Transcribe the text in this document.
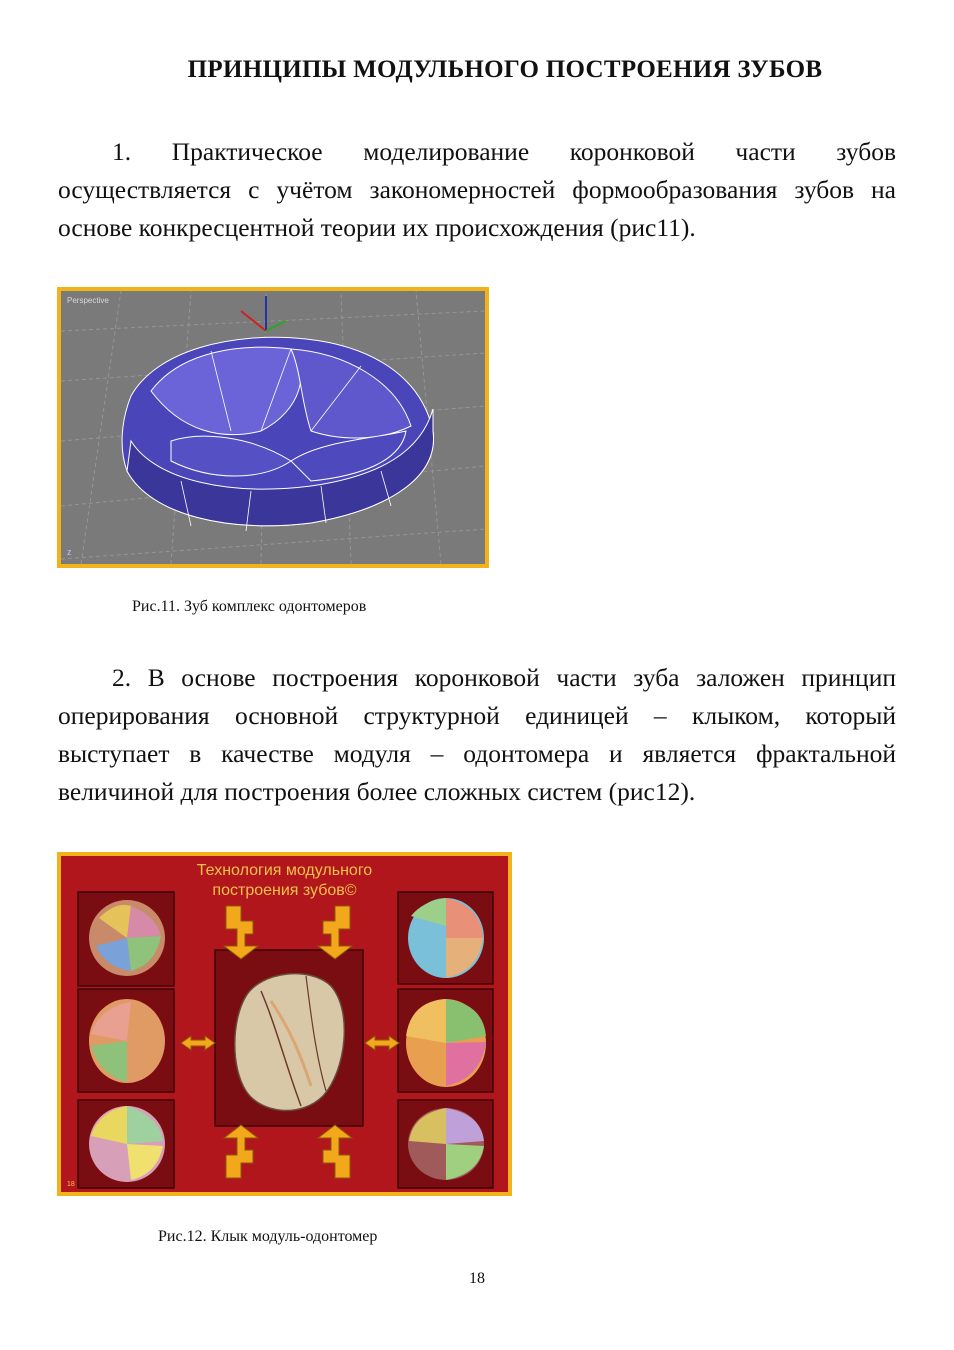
ПРИНЦИПЫ МОДУЛЬНОГО ПОСТРОЕНИЯ ЗУБОВ
1. Практическое моделирование коронковой части зубов осуществляется с учётом закономерностей формообразования зубов на основе конкресцентной теории их происхождения (рис11).
Perspective
z
Рис.11. Зуб комплекс одонтомеров
2. В основе построения коронковой части зуба заложен принцип оперирования основной структурной единицей – клыком, который выступает в качестве модуля – одонтомера и является фрактальной величиной для построения более сложных систем (рис12).
18
Технология модульного
построения зубов©
Рис.12. Клык модуль-одонтомер
18
